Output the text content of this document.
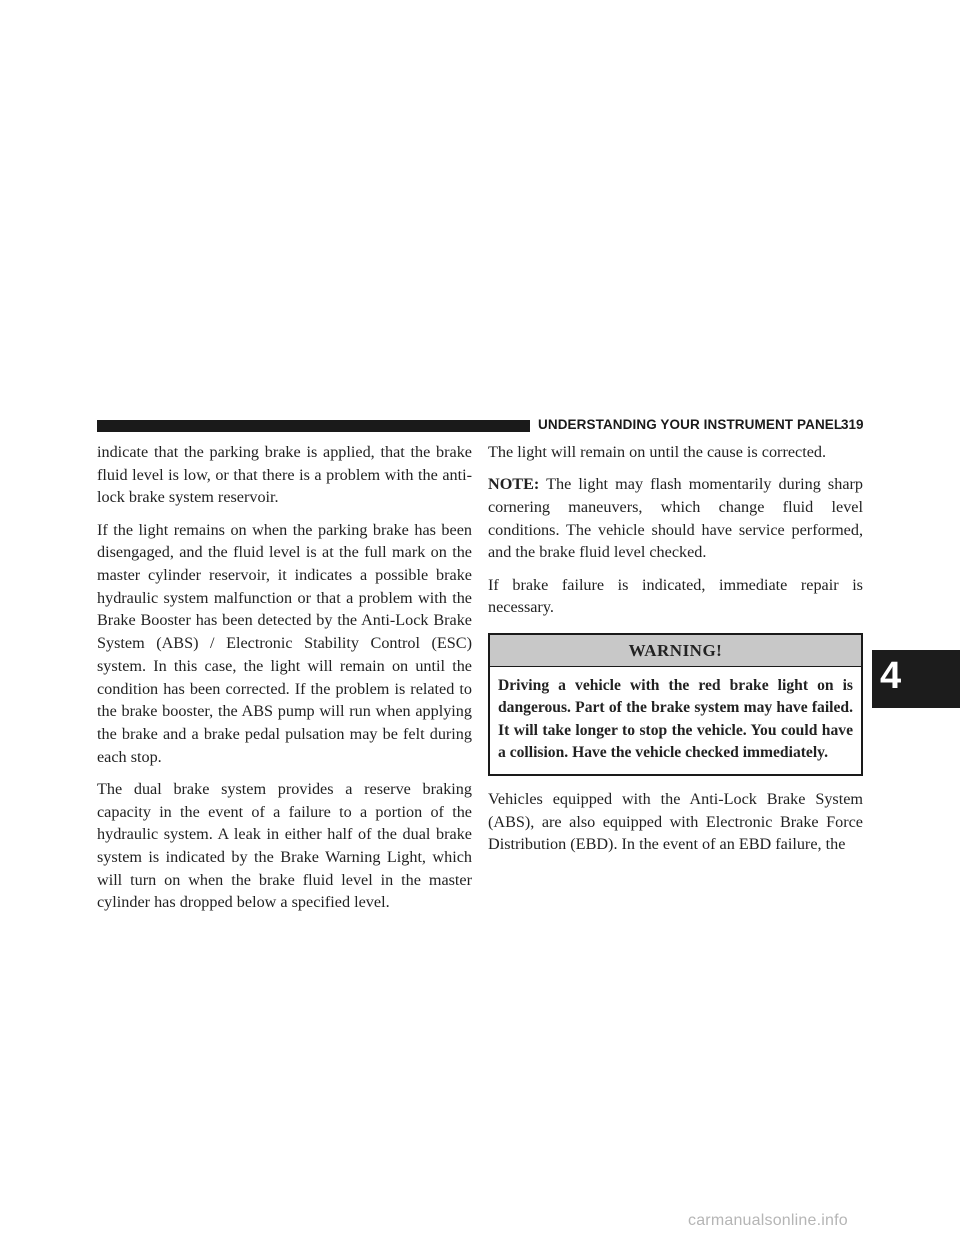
UNDERSTANDING YOUR INSTRUMENT PANEL
319

indicate that the parking brake is applied, that the brake fluid level is low, or that there is a problem with the anti-lock brake system reservoir.

If the light remains on when the parking brake has been disengaged, and the fluid level is at the full mark on the master cylinder reservoir, it indicates a possible brake hydraulic system malfunction or that a problem with the Brake Booster has been detected by the Anti-Lock Brake System (ABS) / Electronic Stability Control (ESC) system. In this case, the light will remain on until the condition has been corrected. If the problem is related to the brake booster, the ABS pump will run when applying the brake and a brake pedal pulsation may be felt during each stop.

The dual brake system provides a reserve braking capacity in the event of a failure to a portion of the hydraulic system. A leak in either half of the dual brake system is indicated by the Brake Warning Light, which will turn on when the brake fluid level in the master cylinder has dropped below a specified level.

The light will remain on until the cause is corrected.

NOTE: The light may flash momentarily during sharp cornering maneuvers, which change fluid level conditions. The vehicle should have service performed, and the brake fluid level checked.

If brake failure is indicated, immediate repair is necessary.

WARNING!
Driving a vehicle with the red brake light on is dangerous. Part of the brake system may have failed. It will take longer to stop the vehicle. You could have a collision. Have the vehicle checked immediately.

Vehicles equipped with the Anti-Lock Brake System (ABS), are also equipped with Electronic Brake Force Distribution (EBD). In the event of an EBD failure, the

4
carmanualsonline.info
